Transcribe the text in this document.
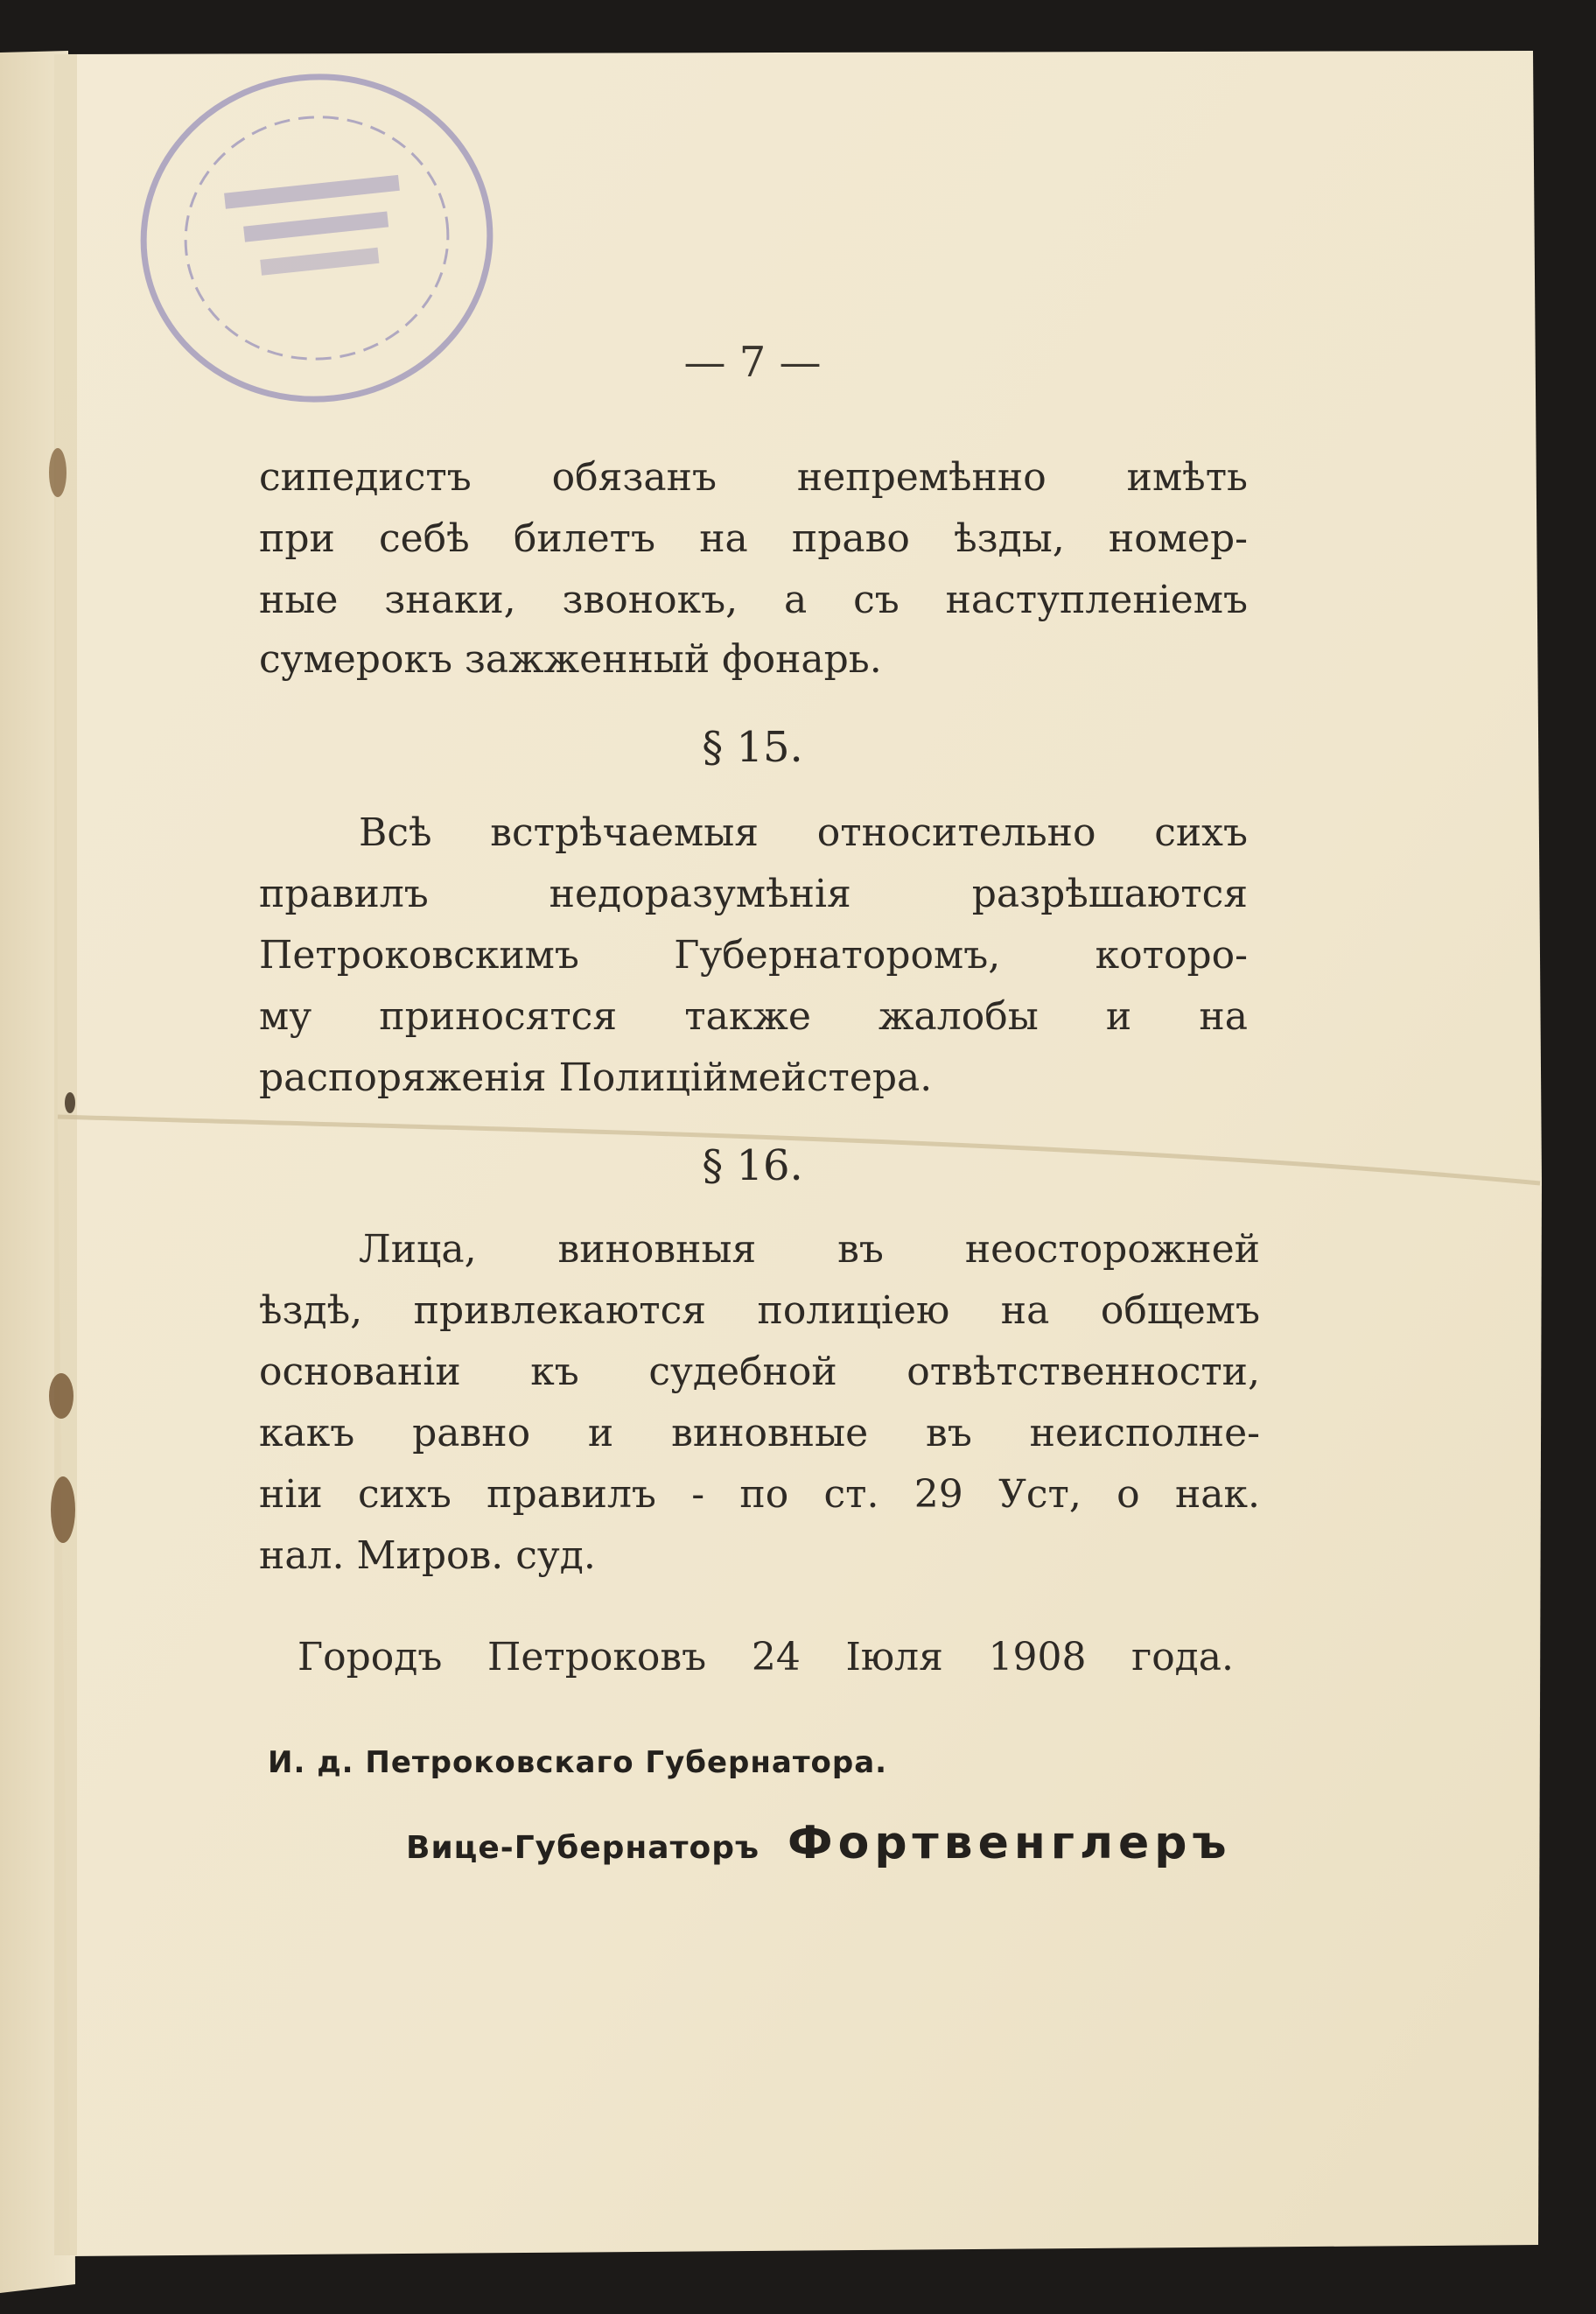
— 7 —

сипедистъ обязанъ непремѣнно имѣть

при себѣ билетъ на право ѣзды, номер-

ные знаки, звонокъ, а съ наступленіемъ

сумерокъ зажженный фонарь.

§ 15.

Всѣ встрѣчаемыя относительно сихъ

правилъ недоразумѣнія разрѣшаются

Петроковскимъ Губернаторомъ, которо-

му приносятся также жалобы и на

распоряженія Полицiймейстера.

§ 16.

Лица, виновныя въ неосторожней

ѣздѣ, привлекаются полиціею на общемъ

основаніи къ судебной отвѣтственности,

какъ равно и виновные въ неисполне-

ніи сихъ правилъ - по ст. 29 Уст, о нак.

нал. Миров. суд.

Городъ Петроковъ 24 Іюля 1908 года.

И. д. Петроковскаго Губернатора.

Вице-Губернаторъ Фортвенглеръ
